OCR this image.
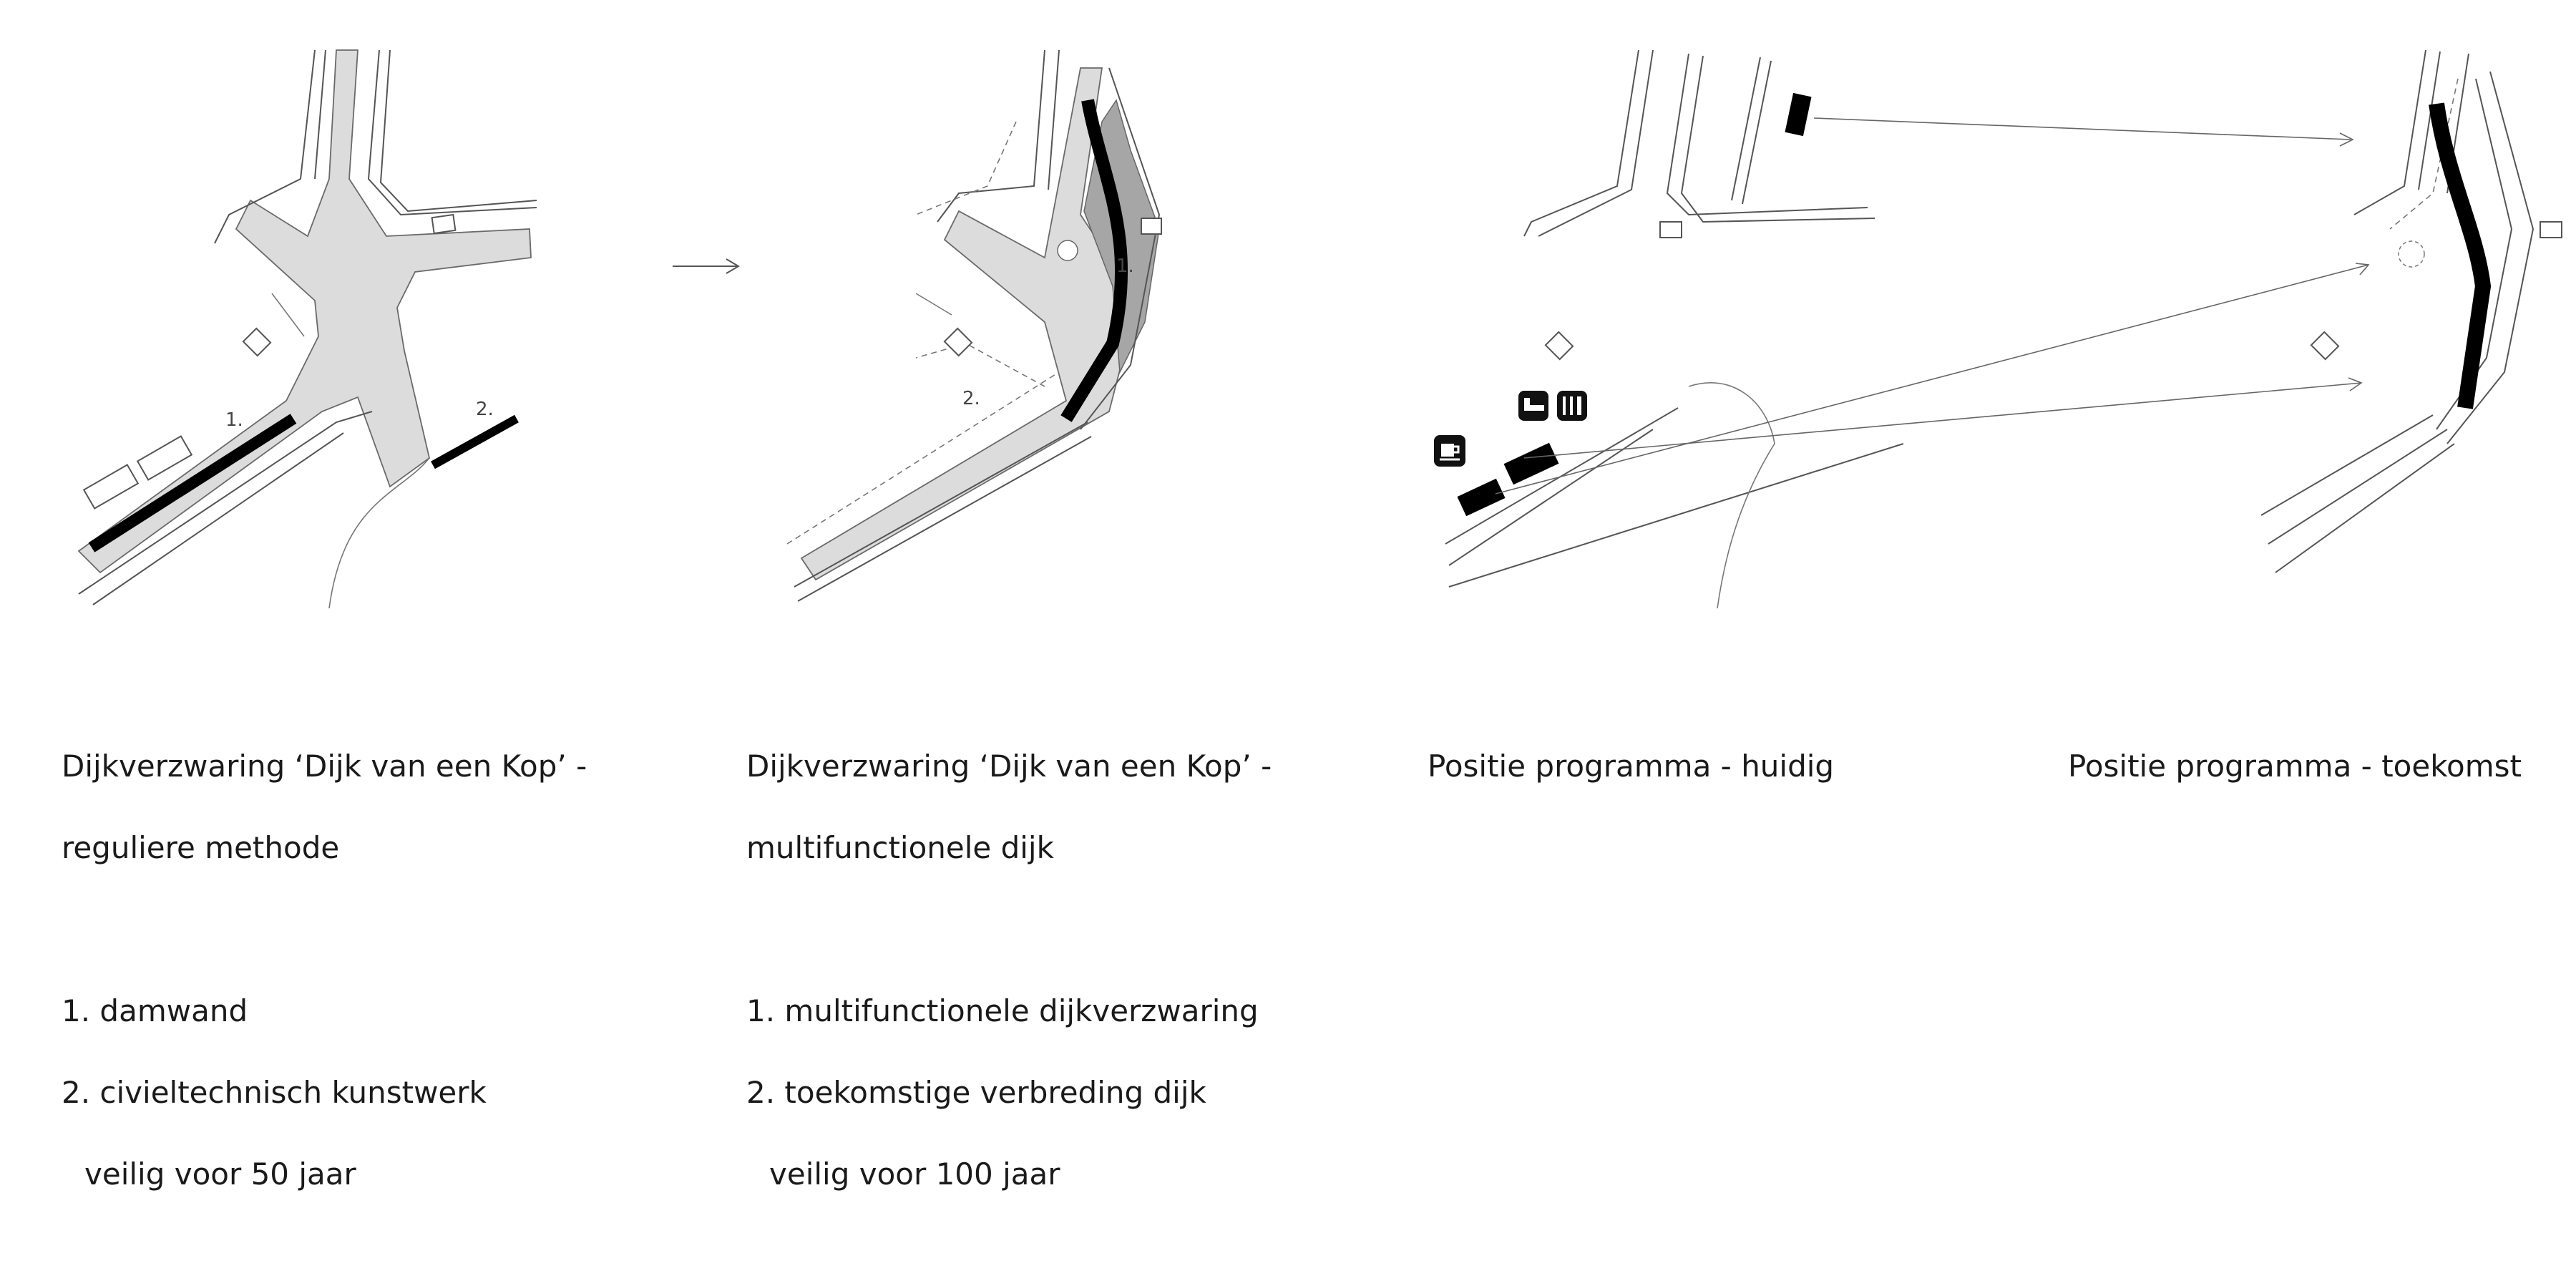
1.	2.
1.
2.

Dijkverzwaring ‘Dijk van een Kop’ -

reguliere methode

1. damwand

2. civieltechnisch kunstwerk

veilig voor 50 jaar

Dijkverzwaring ‘Dijk van een Kop’ -

multifunctionele dijk

1. multifunctionele dijkverzwaring

2. toekomstige verbreding dijk

veilig voor 100 jaar

Positie programma - huidig	Positie programma - toekomst
